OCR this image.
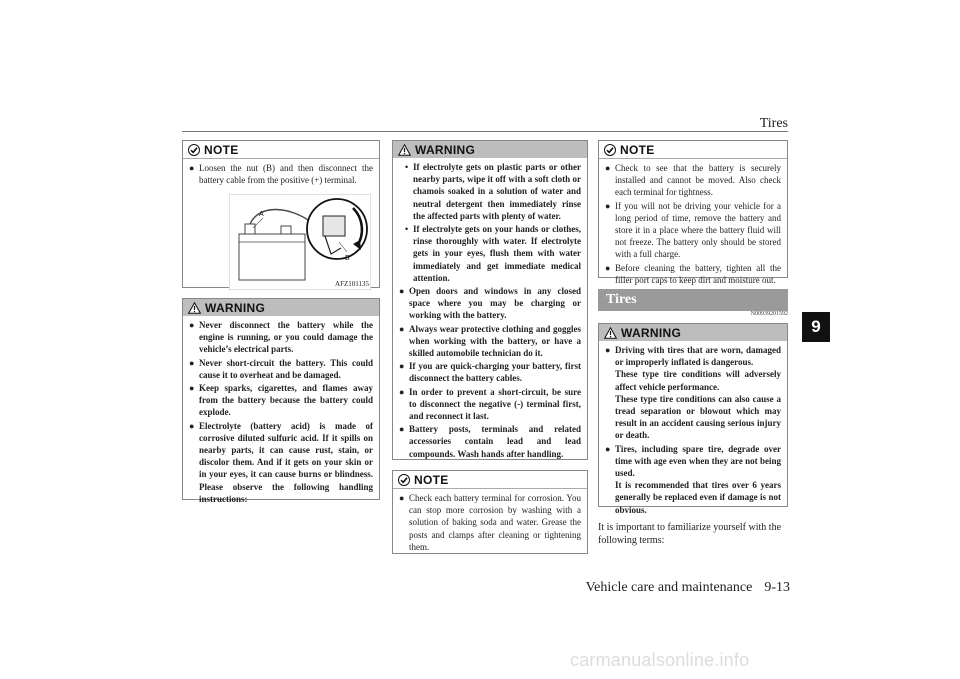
Tires
9
NOTE
● Loosen the nut (B) and then disconnect the battery cable from the positive (+) terminal.
A
B
AFZ101135
WARNING
● Never disconnect the battery while the engine is running, or you could damage the vehicle’s electrical parts.
● Never short-circuit the battery. This could cause it to overheat and be damaged.
● Keep sparks, cigarettes, and flames away from the battery because the battery could explode.
● Electrolyte (battery acid) is made of corrosive diluted sulfuric acid. If it spills on nearby parts, it can cause rust, stain, or discolor them. And if it gets on your skin or in your eyes, it can cause burns or blindness. Please observe the following handling instructions:
WARNING
• If electrolyte gets on plastic parts or other nearby parts, wipe it off with a soft cloth or chamois soaked in a solution of water and neutral detergent then immediately rinse the affected parts with plenty of water.
• If electrolyte gets on your hands or clothes, rinse thoroughly with water. If electrolyte gets in your eyes, flush them with water immediately and get immediate medical attention.
● Open doors and windows in any closed space where you may be charging or working with the battery.
● Always wear protective clothing and goggles when working with the battery, or have a skilled automobile technician do it.
● If you are quick-charging your battery, first disconnect the battery cables.
● In order to prevent a short-circuit, be sure to disconnect the negative (-) terminal first, and reconnect it last.
● Battery posts, terminals and related accessories contain lead and lead compounds. Wash hands after handling.
NOTE
● Check each battery terminal for corrosion. You can stop more corrosion by washing with a solution of baking soda and water. Grease the posts and clamps after cleaning or tightening them.
NOTE
● Check to see that the battery is securely installed and cannot be moved. Also check each terminal for tightness.
● If you will not be driving your vehicle for a long period of time, remove the battery and store it in a place where the battery fluid will not freeze. The battery only should be stored with a full charge.
● Before cleaning the battery, tighten all the filler port caps to keep dirt and moisture out.
Tires
N00939201592
WARNING
● Driving with tires that are worn, damaged or improperly inflated is dangerous.
These type tire conditions will adversely affect vehicle performance.
These type tire conditions can also cause a tread separation or blowout which may result in an accident causing serious injury or death.
● Tires, including spare tire, degrade over time with age even when they are not being used.
It is recommended that tires over 6 years generally be replaced even if damage is not obvious.
It is important to familiarize yourself with the following terms:
Vehicle care and maintenance 9-13
carmanualsonline.info
